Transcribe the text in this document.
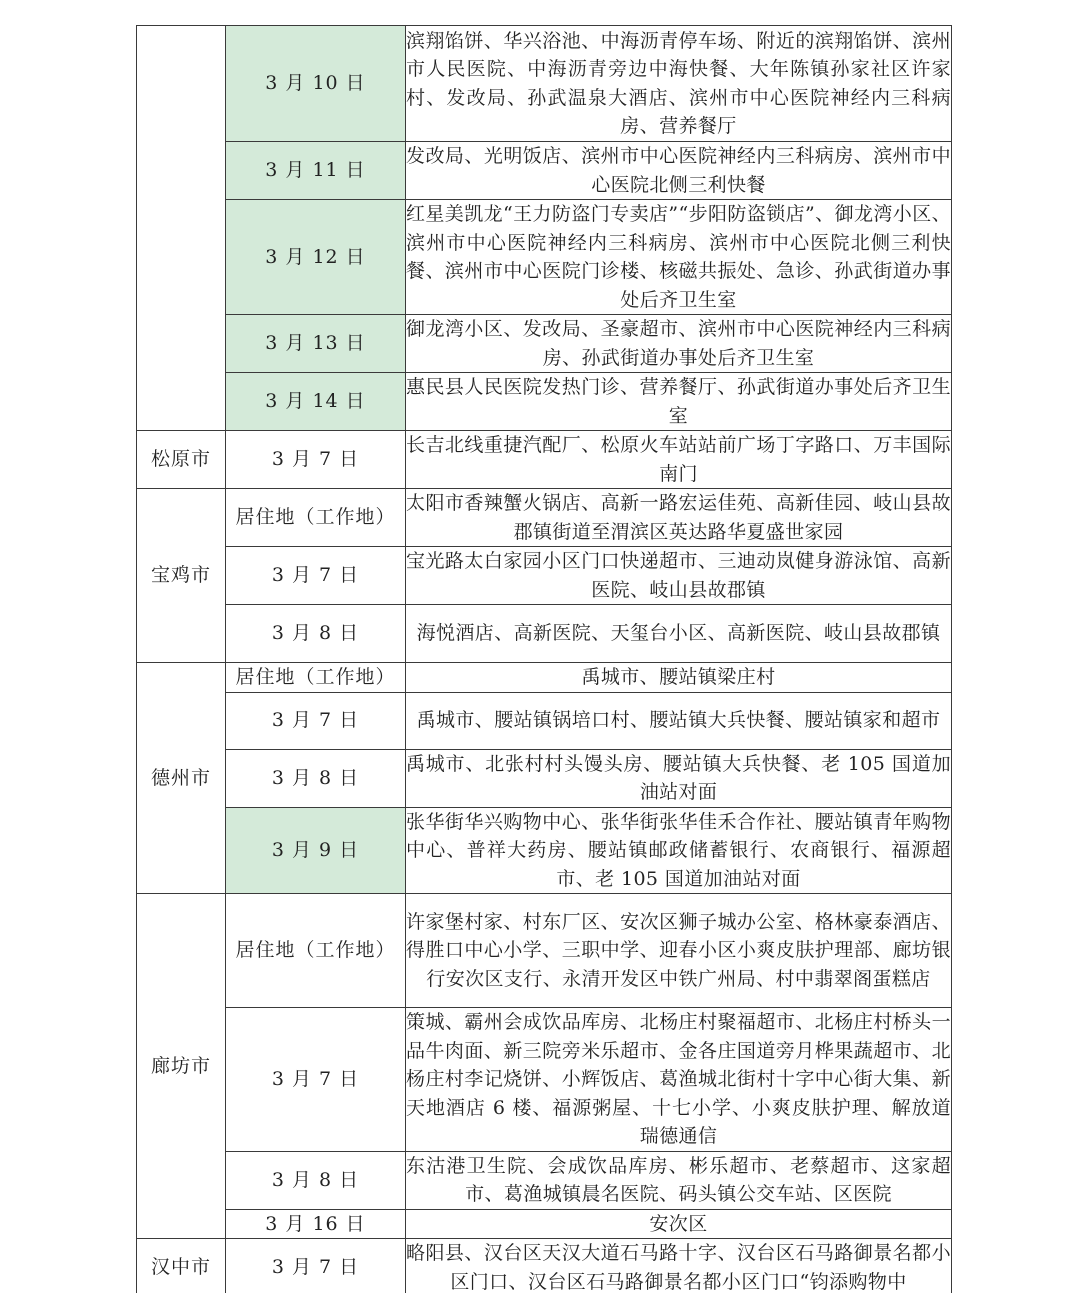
	3 月 10 日	滨翔馅饼、华兴浴池、中海沥青停车场、附近的滨翔馅饼、滨州市人民医院、中海沥青旁边中海快餐、大年陈镇孙家社区许家村、发改局、孙武温泉大酒店、滨州市中心医院神经内三科病房、营养餐厅
	3 月 11 日	发改局、光明饭店、滨州市中心医院神经内三科病房、滨州市中心医院北侧三利快餐
	3 月 12 日	红星美凯龙“王力防盗门专卖店”“步阳防盗锁店”、御龙湾小区、滨州市中心医院神经内三科病房、滨州市中心医院北侧三利快餐、滨州市中心医院门诊楼、核磁共振处、急诊、孙武街道办事处后齐卫生室
	3 月 13 日	御龙湾小区、发改局、圣豪超市、滨州市中心医院神经内三科病房、孙武街道办事处后齐卫生室
	3 月 14 日	惠民县人民医院发热门诊、营养餐厅、孙武街道办事处后齐卫生室
松原市	3 月 7 日	长吉北线重捷汽配厂、松原火车站站前广场丁字路口、万丰国际南门
宝鸡市	居住地（工作地）	太阳市香辣蟹火锅店、高新一路宏运佳苑、高新佳园、岐山县故郡镇街道至渭滨区英达路华夏盛世家园
	3 月 7 日	宝光路太白家园小区门口快递超市、三迪动岚健身游泳馆、高新医院、岐山县故郡镇
	3 月 8 日	海悦酒店、高新医院、天玺台小区、高新医院、岐山县故郡镇
德州市	居住地（工作地）	禹城市、腰站镇梁庄村
	3 月 7 日	禹城市、腰站镇锅培口村、腰站镇大兵快餐、腰站镇家和超市
	3 月 8 日	禹城市、北张村村头馒头房、腰站镇大兵快餐、老 105 国道加油站对面
	3 月 9 日	张华街华兴购物中心、张华街张华佳禾合作社、腰站镇青年购物中心、普祥大药房、腰站镇邮政储蓄银行、农商银行、福源超市、老 105 国道加油站对面
廊坊市	居住地（工作地）	许家堡村家、村东厂区、安次区狮子城办公室、格林豪泰酒店、得胜口中心小学、三职中学、迎春小区小爽皮肤护理部、廊坊银行安次区支行、永清开发区中铁广州局、村中翡翠阁蛋糕店
	3 月 7 日	策城、霸州会成饮品库房、北杨庄村聚福超市、北杨庄村桥头一品牛肉面、新三院旁米乐超市、金各庄国道旁月桦果蔬超市、北杨庄村李记烧饼、小辉饭店、葛渔城北街村十字中心街大集、新天地酒店 6 楼、福源粥屋、十七小学、小爽皮肤护理、解放道瑞德通信
	3 月 8 日	东沽港卫生院、会成饮品库房、彬乐超市、老蔡超市、这家超市、葛渔城镇晨名医院、码头镇公交车站、区医院
	3 月 16 日	安次区
汉中市	3 月 7 日	略阳县、汉台区天汉大道石马路十字、汉台区石马路御景名都小区门口、汉台区石马路御景名都小区门口“钧添购物中
